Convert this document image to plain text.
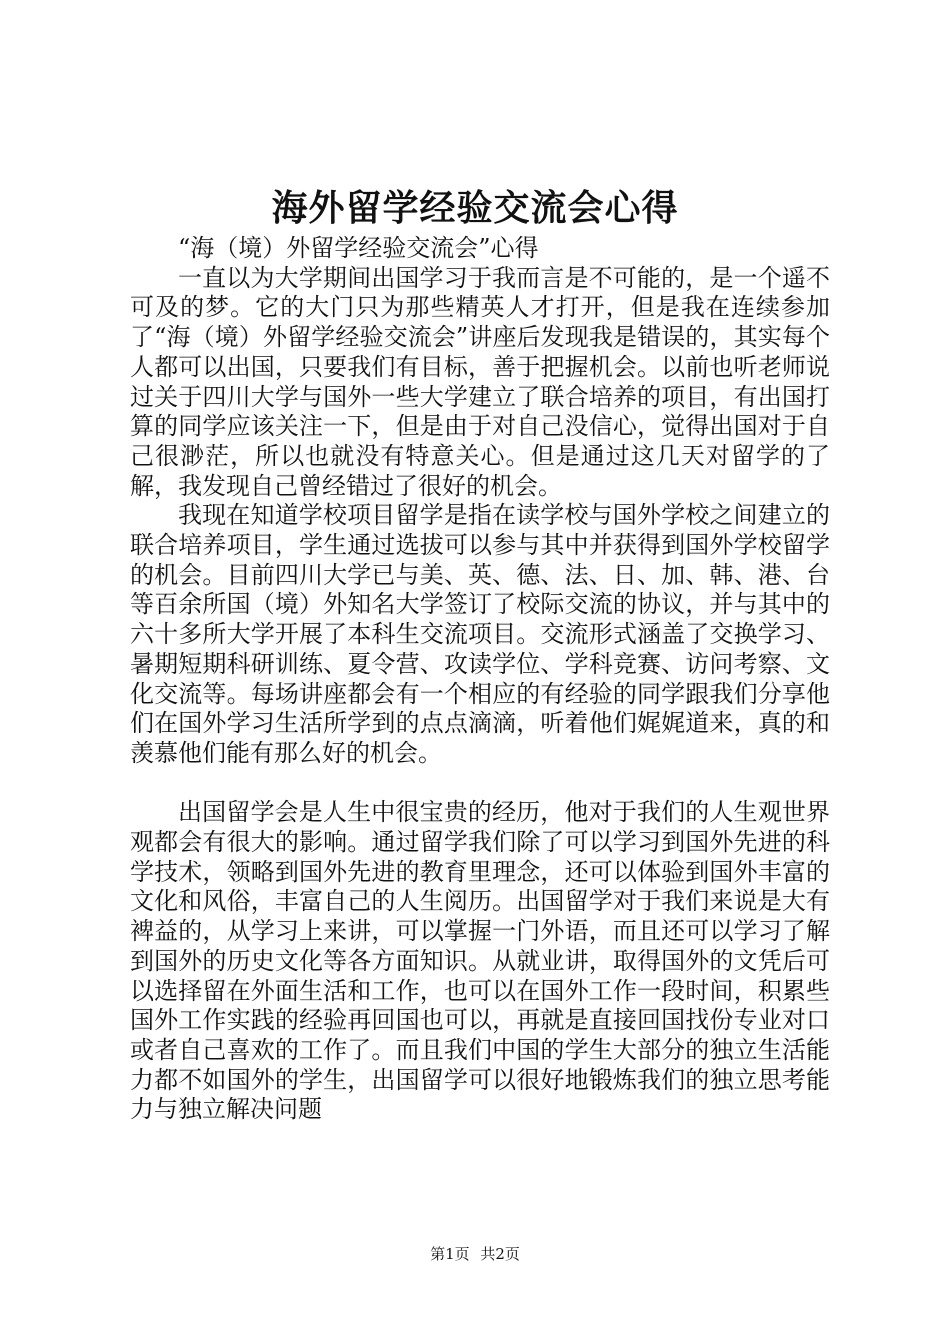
海外留学经验交流会心得

“海（境）外留学经验交流会”心得

一直以为大学期间出国学习于我而言是不可能的，是一个遥不可及的梦。它的大门只为那些精英人才打开，但是我在连续参加了“海（境）外留学经验交流会”讲座后发现我是错误的，其实每个人都可以出国，只要我们有目标，善于把握机会。以前也听老师说过关于四川大学与国外一些大学建立了联合培养的项目，有出国打算的同学应该关注一下，但是由于对自己没信心，觉得出国对于自己很渺茫，所以也就没有特意关心。但是通过这几天对留学的了解，我发现自己曾经错过了很好的机会。

我现在知道学校项目留学是指在读学校与国外学校之间建立的联合培养项目，学生通过选拔可以参与其中并获得到国外学校留学的机会。目前四川大学已与美、英、德、法、日、加、韩、港、台等百余所国（境）外知名大学签订了校际交流的协议，并与其中的六十多所大学开展了本科生交流项目。交流形式涵盖了交换学习、暑期短期科研训练、夏令营、攻读学位、学科竞赛、访问考察、文化交流等。每场讲座都会有一个相应的有经验的同学跟我们分享他们在国外学习生活所学到的点点滴滴，听着他们娓娓道来，真的和羡慕他们能有那么好的机会。

出国留学会是人生中很宝贵的经历，他对于我们的人生观世界观都会有很大的影响。通过留学我们除了可以学习到国外先进的科学技术，领略到国外先进的教育里理念，还可以体验到国外丰富的文化和风俗，丰富自己的人生阅历。出国留学对于我们来说是大有裨益的，从学习上来讲，可以掌握一门外语，而且还可以学习了解到国外的历史文化等各方面知识。从就业讲，取得国外的文凭后可以选择留在外面生活和工作，也可以在国外工作一段时间，积累些国外工作实践的经验再回国也可以，再就是直接回国找份专业对口或者自己喜欢的工作了。而且我们中国的学生大部分的独立生活能力都不如国外的学生，出国留学可以很好地锻炼我们的独立思考能力与独立解决问题

第1页 共2页
